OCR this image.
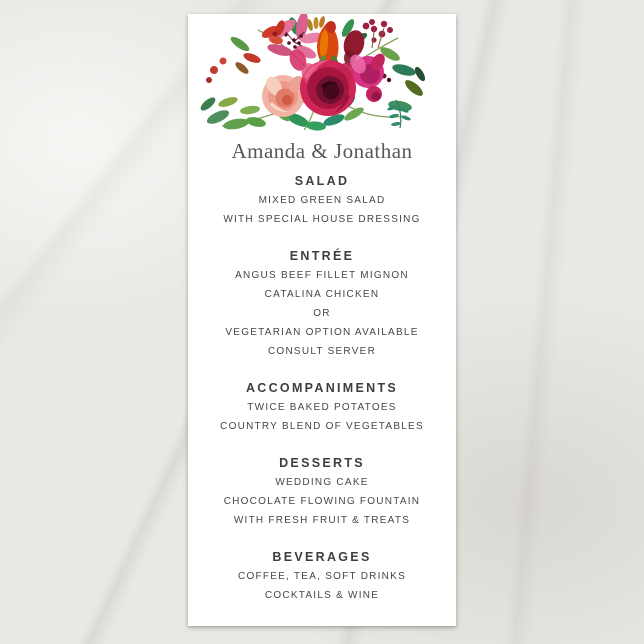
Amanda & Jonathan
SALAD
MIXED GREEN SALAD
WITH SPECIAL HOUSE DRESSING
ENTRÉE
ANGUS BEEF FILLET MIGNON
CATALINA CHICKEN
OR
VEGETARIAN OPTION AVAILABLE
CONSULT SERVER
ACCOMPANIMENTS
TWICE BAKED POTATOES
COUNTRY BLEND OF VEGETABLES
DESSERTS
WEDDING CAKE
CHOCOLATE FLOWING FOUNTAIN
WITH FRESH FRUIT & TREATS
BEVERAGES
COFFEE, TEA, SOFT DRINKS
COCKTAILS & WINE
